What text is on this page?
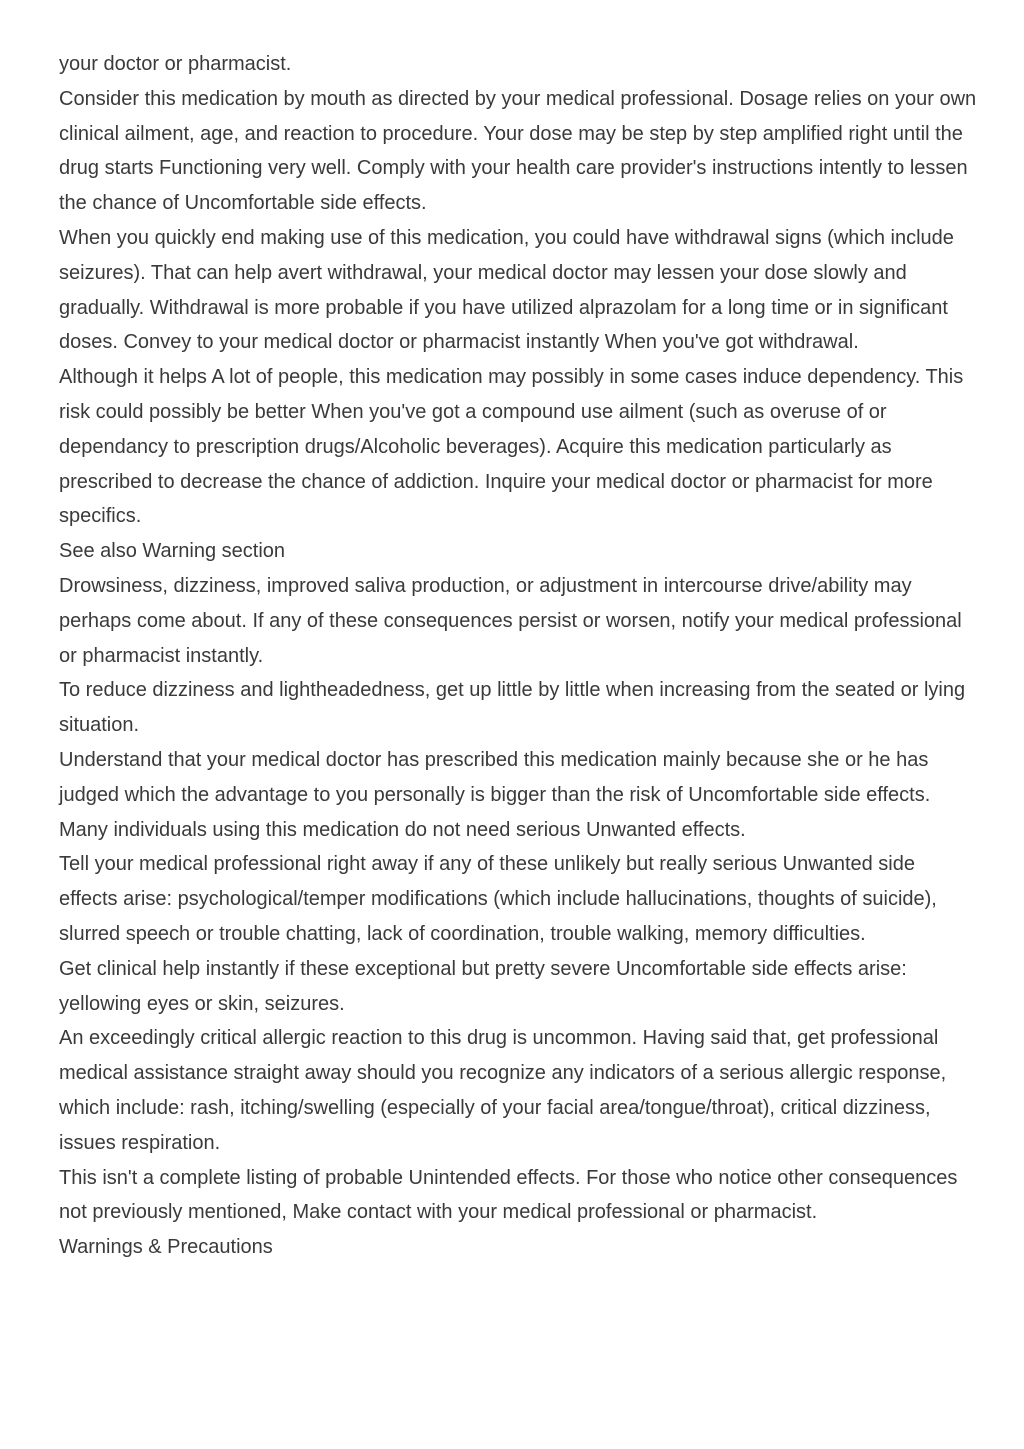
your doctor or pharmacist.

Consider this medication by mouth as directed by your medical professional. Dosage relies on your own clinical ailment, age, and reaction to procedure. Your dose may be step by step amplified right until the drug starts Functioning very well. Comply with your health care provider's instructions intently to lessen the chance of Uncomfortable side effects.

When you quickly end making use of this medication, you could have withdrawal signs (which include seizures). That can help avert withdrawal, your medical doctor may lessen your dose slowly and gradually. Withdrawal is more probable if you have utilized alprazolam for a long time or in significant doses. Convey to your medical doctor or pharmacist instantly When you've got withdrawal.

Although it helps A lot of people, this medication may possibly in some cases induce dependency. This risk could possibly be better When you've got a compound use ailment (such as overuse of or dependancy to prescription drugs/Alcoholic beverages). Acquire this medication particularly as prescribed to decrease the chance of addiction. Inquire your medical doctor or pharmacist for more specifics.

See also Warning section

Drowsiness, dizziness, improved saliva production, or adjustment in intercourse drive/ability may perhaps come about. If any of these consequences persist or worsen, notify your medical professional or pharmacist instantly.

To reduce dizziness and lightheadedness, get up little by little when increasing from the seated or lying situation.

Understand that your medical doctor has prescribed this medication mainly because she or he has judged which the advantage to you personally is bigger than the risk of Uncomfortable side effects. Many individuals using this medication do not need serious Unwanted effects.

Tell your medical professional right away if any of these unlikely but really serious Unwanted side effects arise: psychological/temper modifications (which include hallucinations, thoughts of suicide), slurred speech or trouble chatting, lack of coordination, trouble walking, memory difficulties.

Get clinical help instantly if these exceptional but pretty severe Uncomfortable side effects arise: yellowing eyes or skin, seizures.

An exceedingly critical allergic reaction to this drug is uncommon. Having said that, get professional medical assistance straight away should you recognize any indicators of a serious allergic response, which include: rash, itching/swelling (especially of your facial area/tongue/throat), critical dizziness, issues respiration.

This isn't a complete listing of probable Unintended effects. For those who notice other consequences not previously mentioned, Make contact with your medical professional or pharmacist.

Warnings & Precautions
